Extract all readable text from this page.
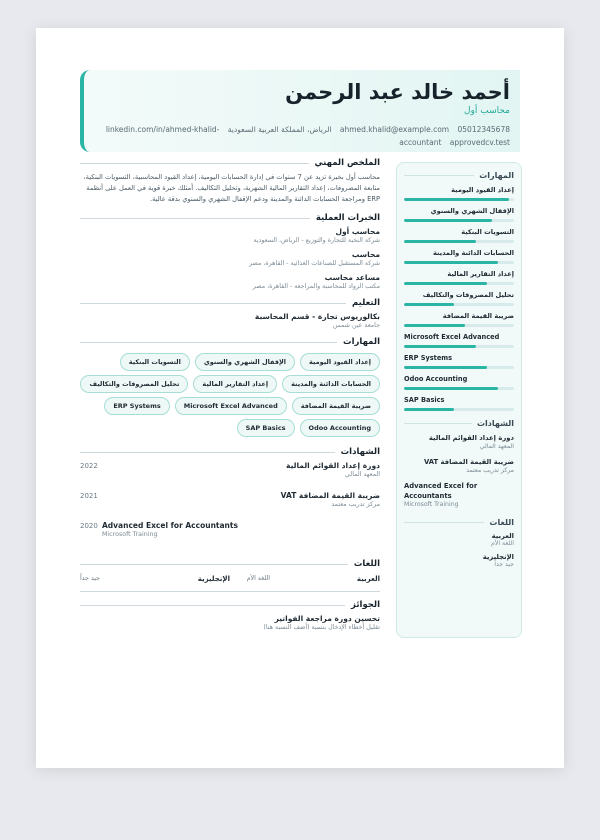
أحمد خالد عبد الرحمن
محاسب أول
05012345678 ahmed.khalid@example.com الرياض، المملكة العربية السعودية linkedin.com/in/ahmed-khalid-accountant approvedcv.test
الملخص المهني
محاسب أول بخبرة تزيد عن 7 سنوات في إدارة الحسابات اليومية، إعداد القيود المحاسبية، التسويات البنكية، متابعة المصروفات، إعداد التقارير المالية الشهرية، وتحليل التكاليف. أمتلك خبرة قوية في العمل على أنظمة ERP ومراجعة الحسابات الدائنة والمدينة ودعم الإقفال الشهري والسنوي بدقة عالية.
الخبرات العملية
محاسب أول
شركة النخبة للتجارة والتوزيع - الرياض، السعودية
محاسب
شركة المستقبل للصناعات الغذائية - القاهرة، مصر
مساعد محاسب
مكتب الرواد للمحاسبة والمراجعة - القاهرة، مصر
التعليم
بكالوريوس تجارة - قسم المحاسبة
جامعة عين شمس
المهارات
إعداد القيود اليومية
الإقفال الشهري والسنوي
التسويات البنكية
الحسابات الدائنة والمدينة
إعداد التقارير المالية
تحليل المصروفات والتكاليف
ضريبة القيمة المضافة
Microsoft Excel Advanced
ERP Systems
Odoo Accounting
SAP Basics
الشهادات
2022	دورة إعداد القوائم المالية
المعهد المالي
2021	ضريبة القيمة المضافة VAT
مركز تدريب معتمد
2020 Advanced Excel for Accountants
Microsoft Training
اللغات
العربية
اللغة الأم
الإنجليزية
جيد جداً
الجوائز
تحسين دورة مراجعة الفواتير
تقليل أخطاء الإدخال بنسبة (أضف النسبة هنا)
المهارات
إعداد القيود اليومية
الإقفال الشهري والسنوي
التسويات البنكية
الحسابات الدائنة والمدينة
إعداد التقارير المالية
تحليل المصروفات والتكاليف
ضريبة القيمة المضافة
Microsoft Excel Advanced
ERP Systems
Odoo Accounting
SAP Basics
الشهادات
دورة إعداد القوائم المالية
المعهد المالي
ضريبة القيمة المضافة VAT
مركز تدريب معتمد
Advanced Excel for Accountants
Microsoft Training
اللغات
العربية
اللغة الأم
الإنجليزية
جيد جداً
